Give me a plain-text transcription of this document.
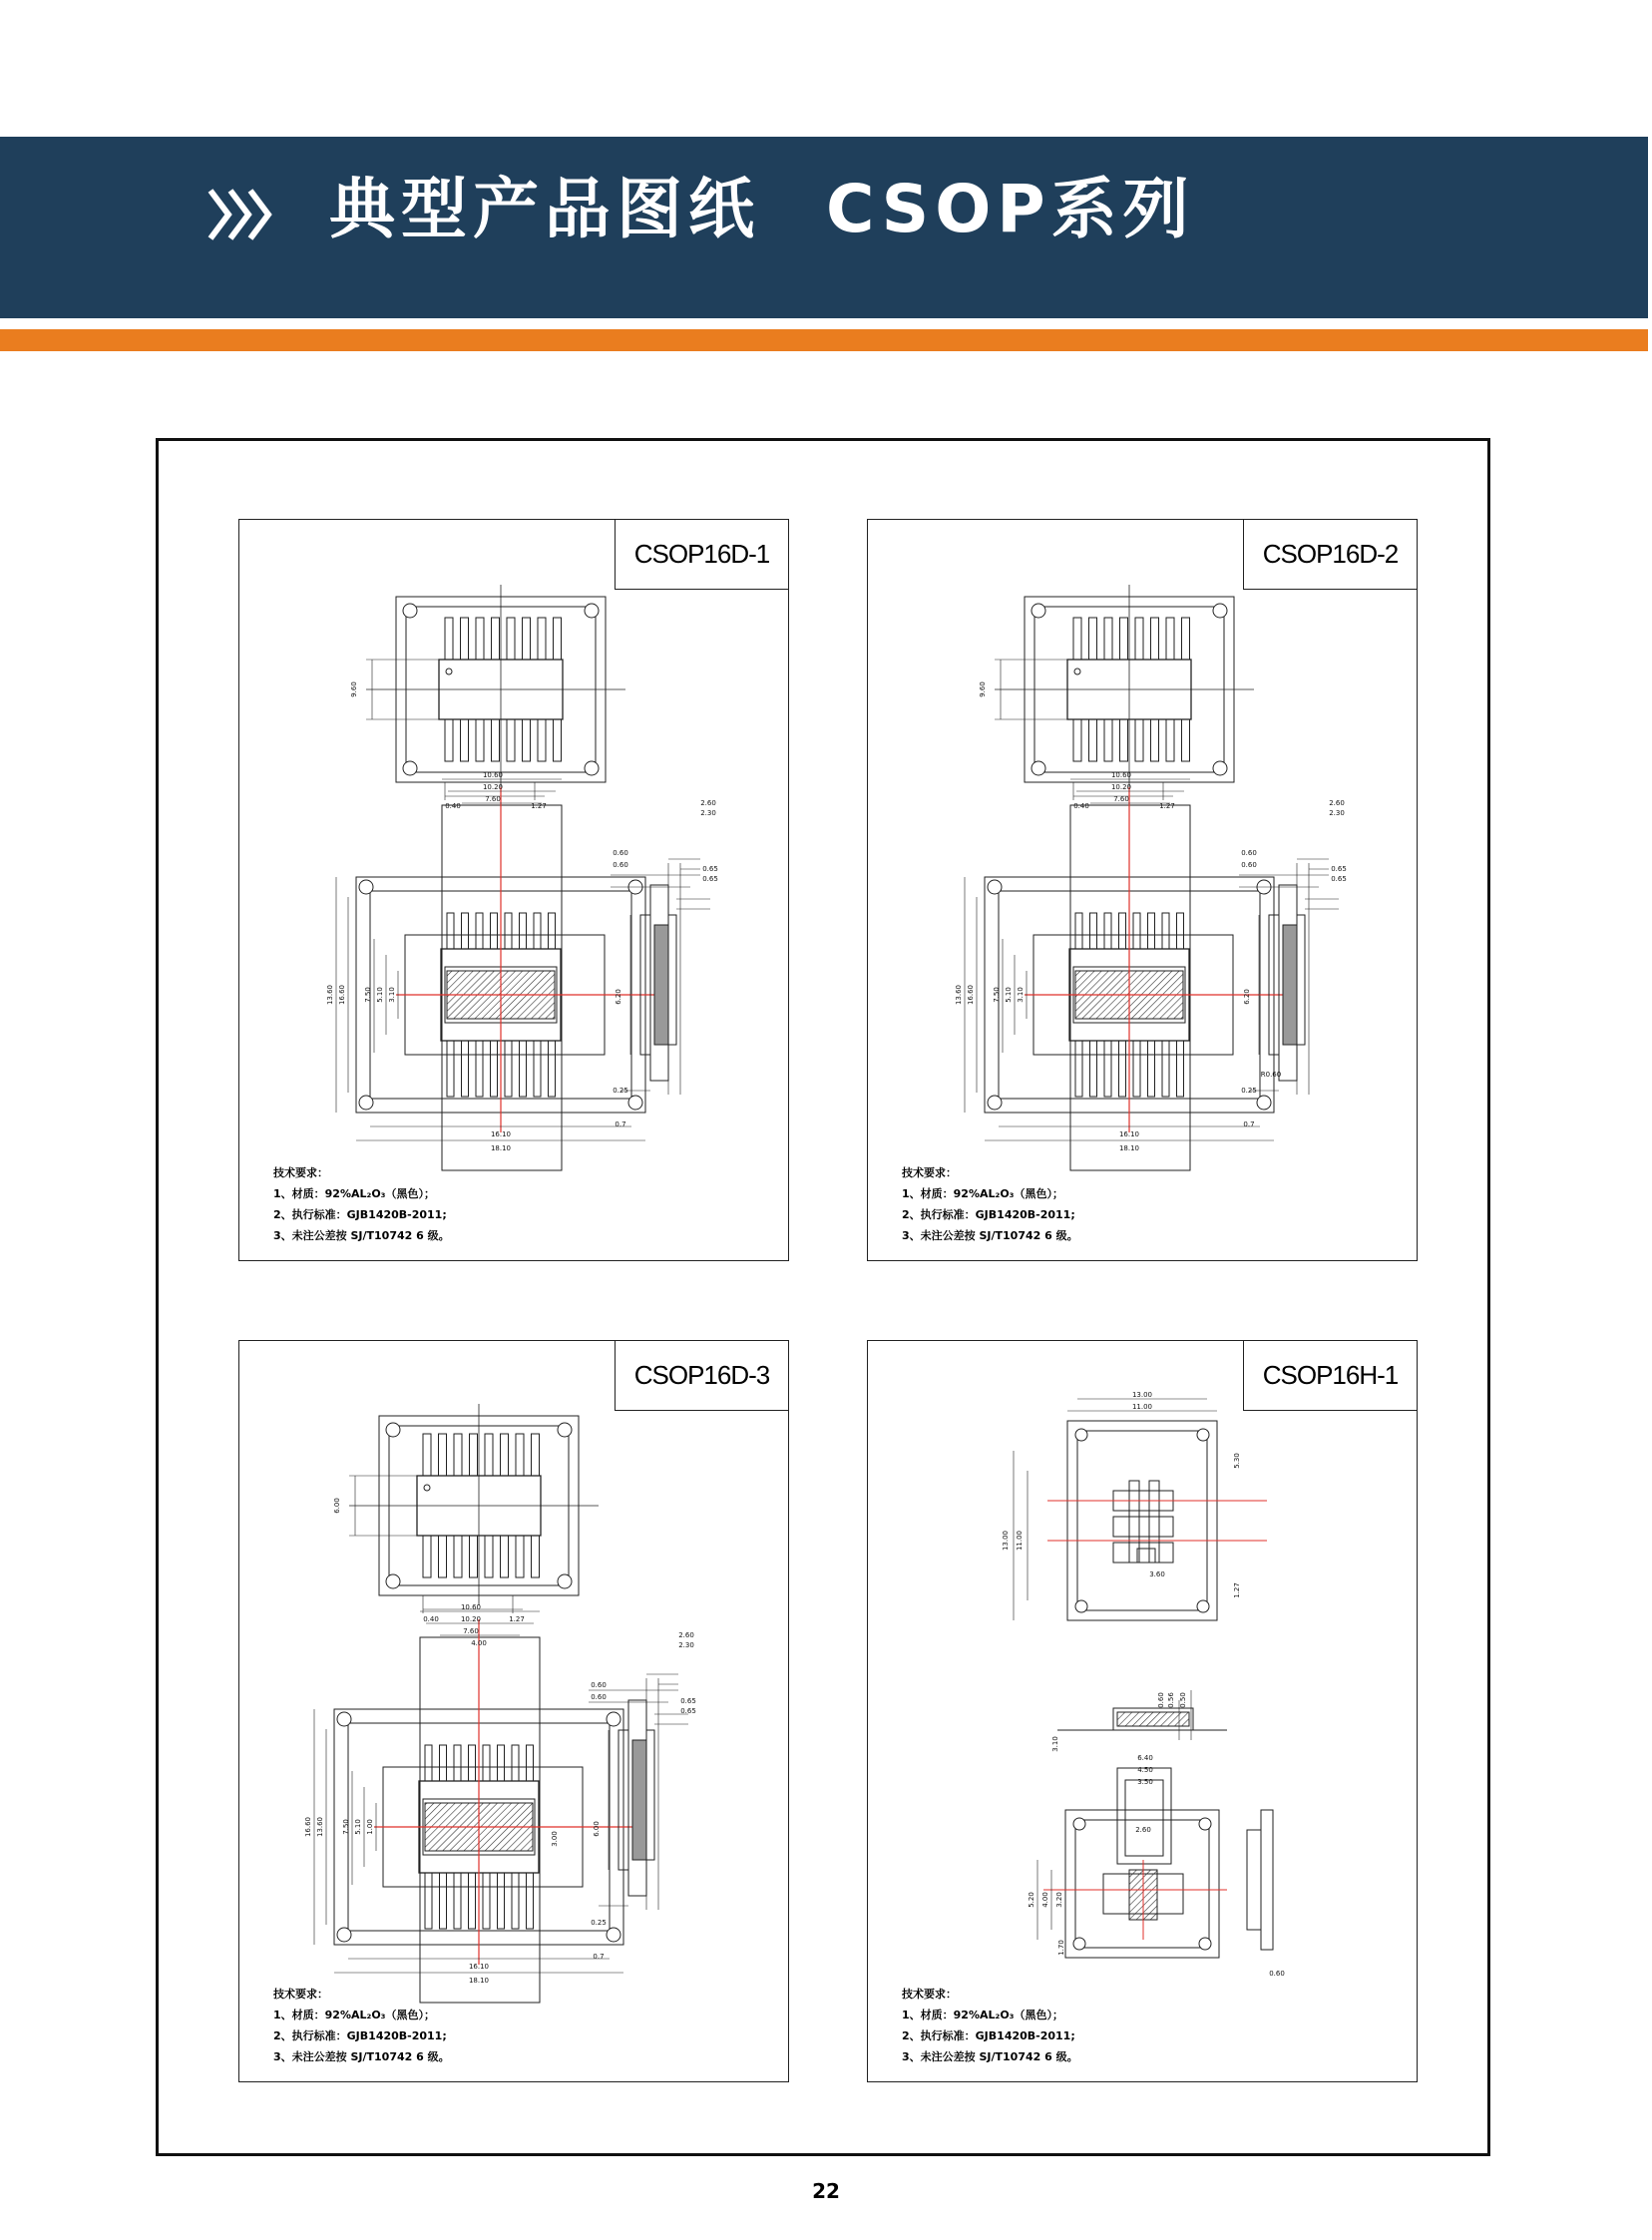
典型产品图纸 CSOP系列
9.60
0.40	1.27
10.60
10.20
7.60
0.60
0.60
2.60
2.30
0.65
0.65
13.60 16.60	7.50 5.10 3.10	6.20
0.25
0.7
16.10
18.10
CSOP16D-1
技术要求：
1、材质：92%AL₂O₃（黑色）；
2、执行标准：GJB1420B-2011;
3、未注公差按 SJ/T10742 6 级。
9.60
0.40	1.27
10.60
10.20
7.60
0.60
0.60
2.60
2.30
0.65
0.65
13.60 16.60	7.50 5.10 3.10	6.20
R0.60
0.25
0.7
16.10
18.10
CSOP16D-2
技术要求：
1、材质：92%AL₂O₃（黑色）；
2、执行标准：GJB1420B-2011;
3、未注公差按 SJ/T10742 6 级。
6.00
0.40	1.27
10.60
10.20
7.60
4.00
0.60
0.60
2.60
2.30
0.65
0.65
16.60 13.60	7.50 5.10
3.00
1.00	6.00
0.25
0.7
16.10
18.10
CSOP16D-3
技术要求：
1、材质：92%AL₂O₃（黑色）；
2、执行标准：GJB1420B-2011;
3、未注公差按 SJ/T10742 6 级。
13.00
11.00
13.00 11.00
5.30
1.27
3.60
0.60 0.56 0.50
3.10
6.40
4.50
3.50
2.60
5.20 4.00 3.20
1.70
0.60
CSOP16H-1
技术要求：
1、材质：92%AL₂O₃（黑色）；
2、执行标准：GJB1420B-2011;
3、未注公差按 SJ/T10742 6 级。
22
